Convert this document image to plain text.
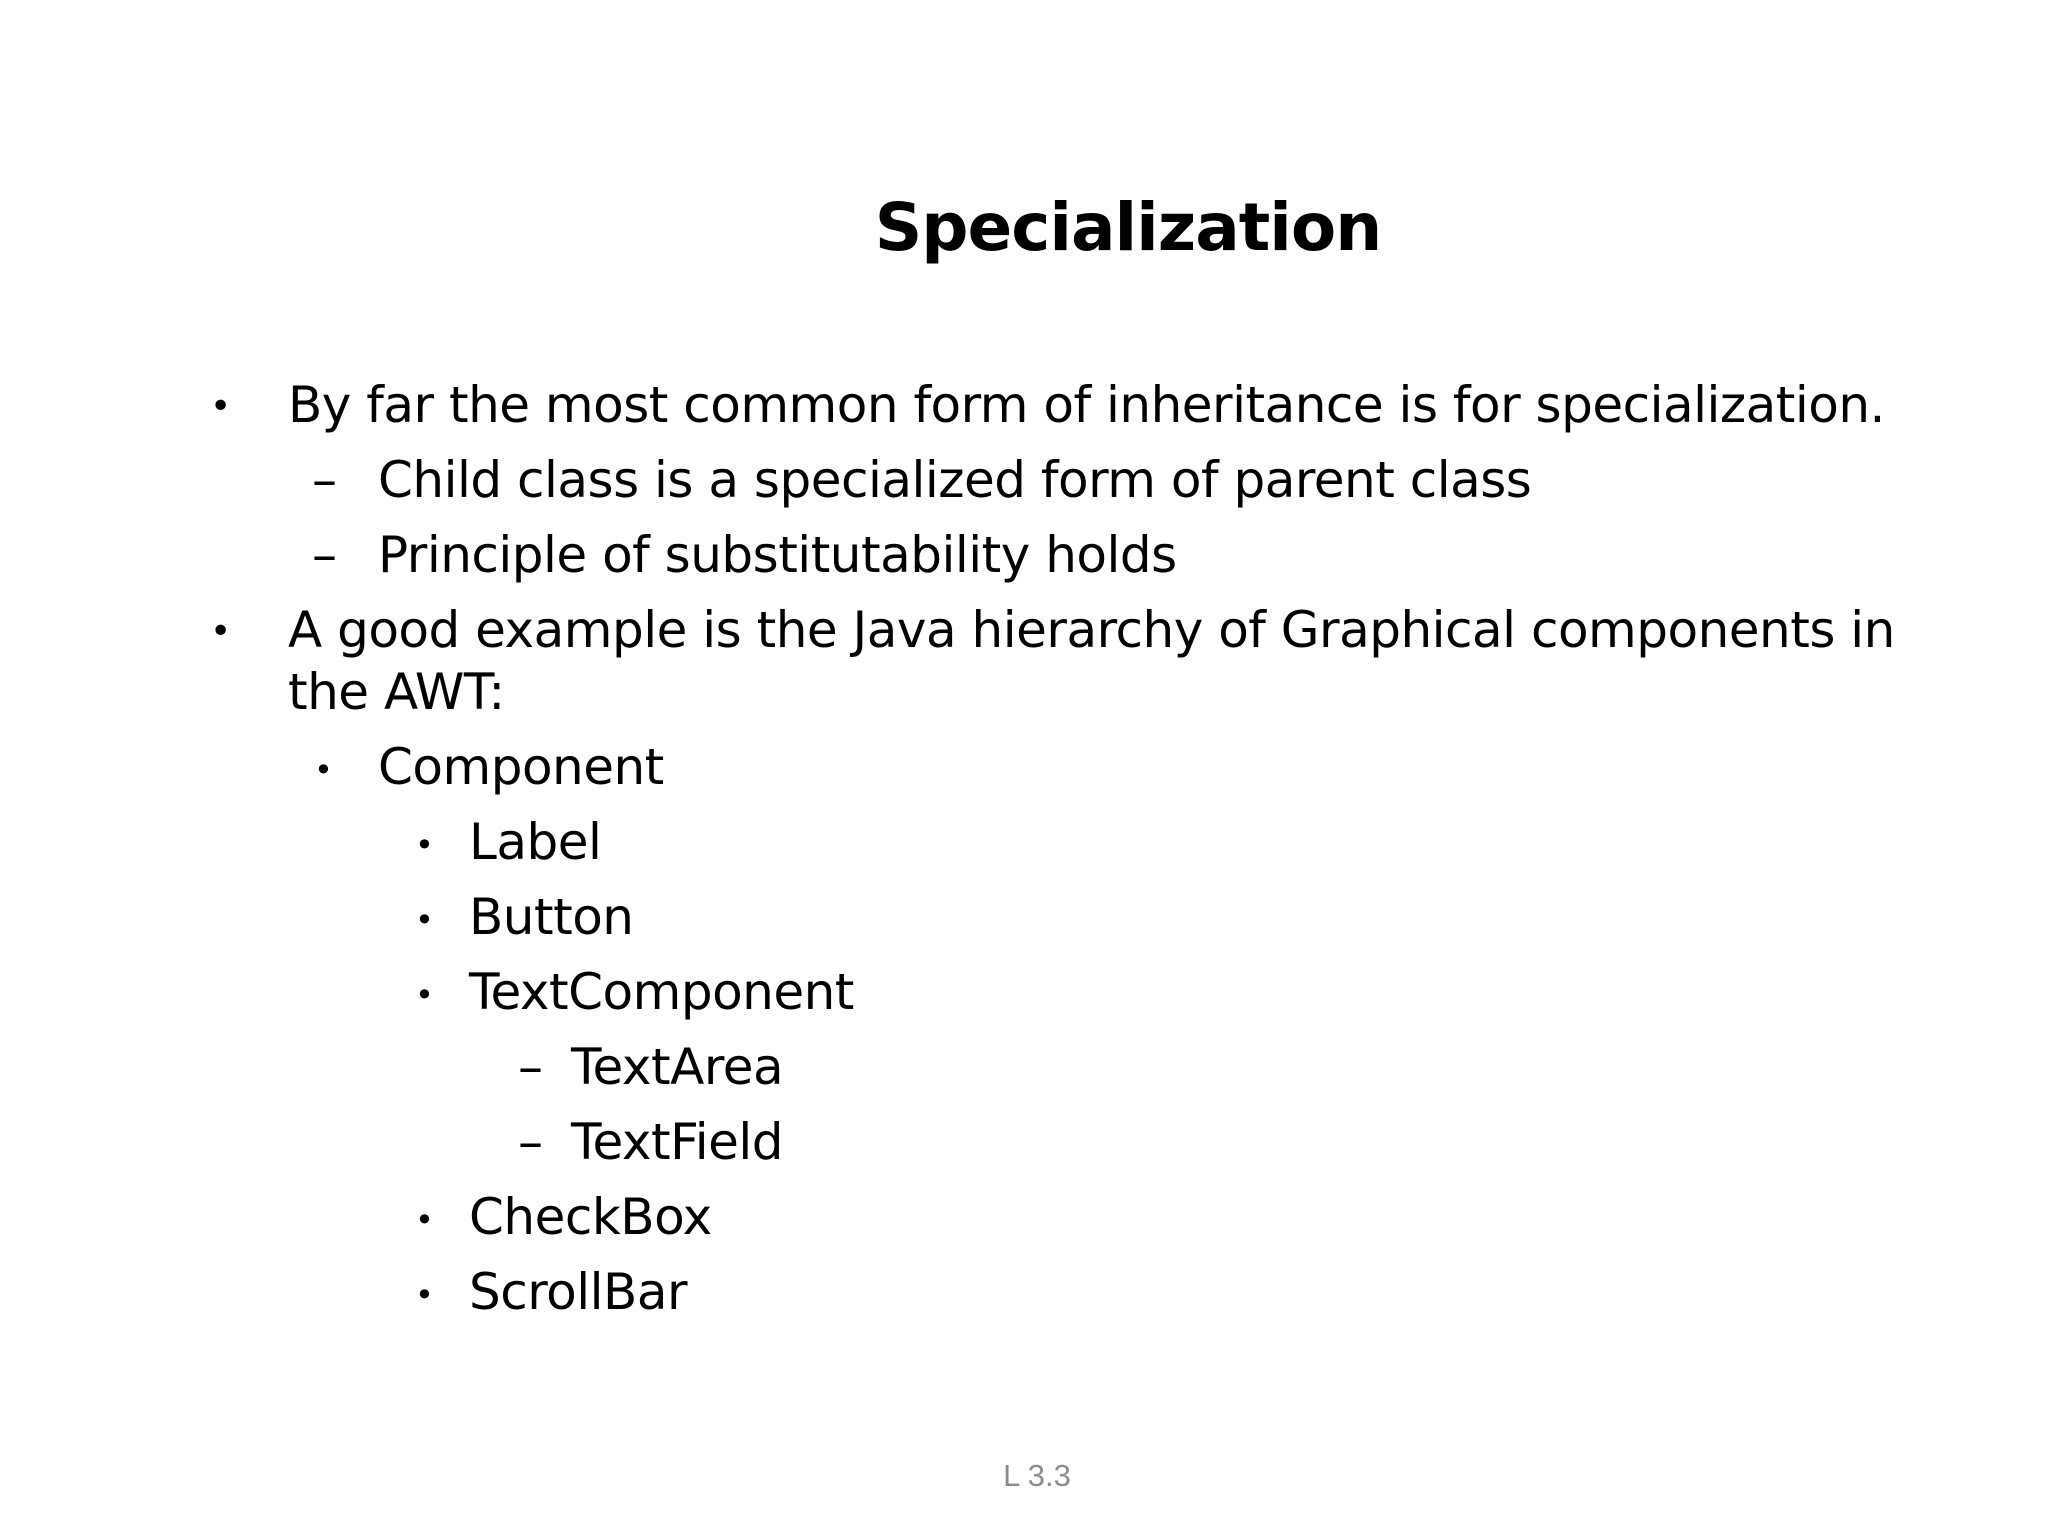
Specialization
• By far the most common form of inheritance is for specialization.
– Child class is a specialized form of parent class
– Principle of substitutability holds
• A good example is the Java hierarchy of Graphical components in
the AWT:
• Component
• Label
• Button
• TextComponent
– TextArea
– TextField
• CheckBox
• ScrollBar
L 3.3
